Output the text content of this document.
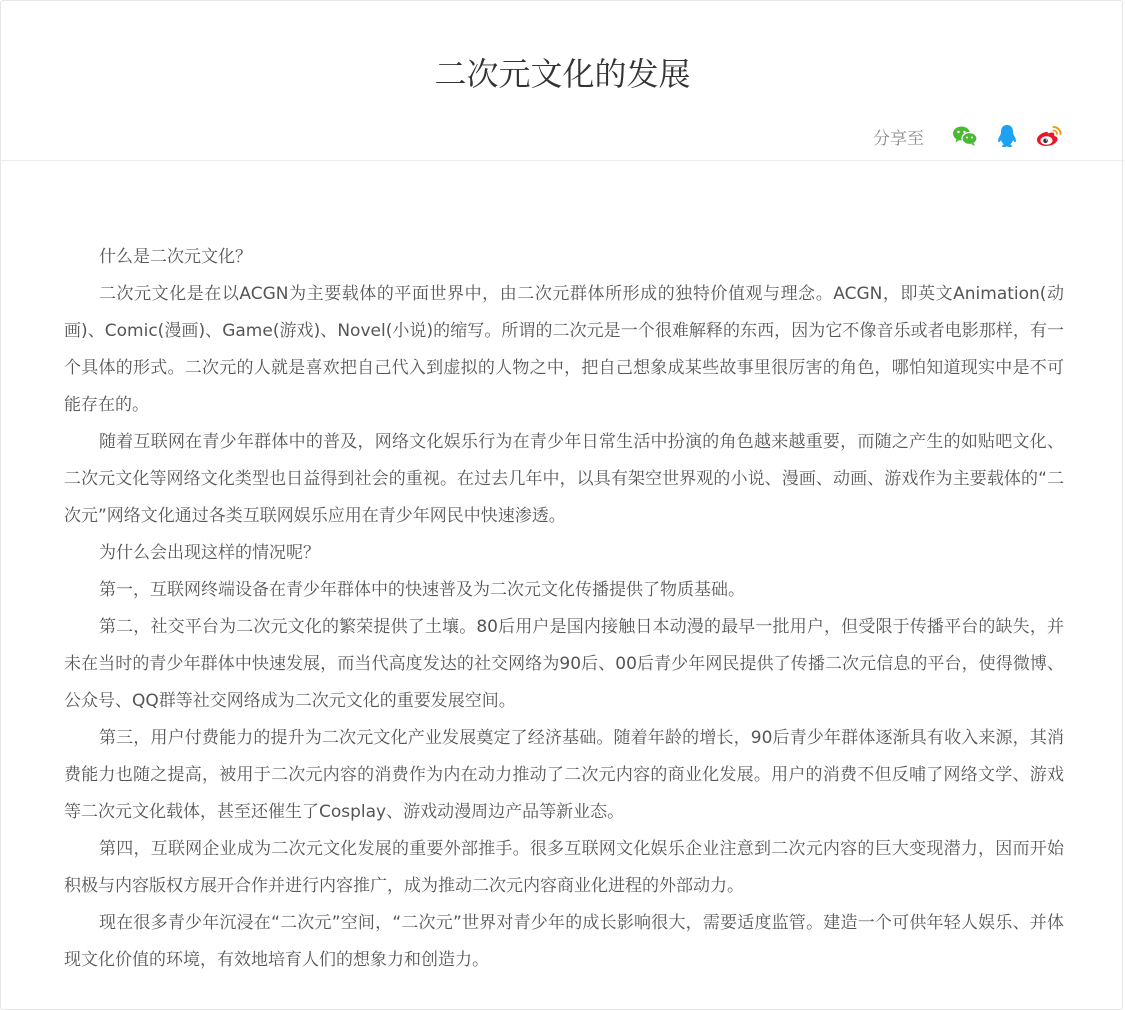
二次元文化的发展
分享至

什么是二次元文化？

二次元文化是在以ACGN为主要载体的平面世界中，由二次元群体所形成的独特价值观与理念。ACGN，即英文Animation(动画)、Comic(漫画)、Game(游戏)、Novel(小说)的缩写。所谓的二次元是一个很难解释的东西，因为它不像音乐或者电影那样，有一个具体的形式。二次元的人就是喜欢把自己代入到虚拟的人物之中，把自己想象成某些故事里很厉害的角色，哪怕知道现实中是不可能存在的。

随着互联网在青少年群体中的普及，网络文化娱乐行为在青少年日常生活中扮演的角色越来越重要，而随之产生的如贴吧文化、二次元文化等网络文化类型也日益得到社会的重视。在过去几年中，以具有架空世界观的小说、漫画、动画、游戏作为主要载体的“二次元”网络文化通过各类互联网娱乐应用在青少年网民中快速渗透。

为什么会出现这样的情况呢？

第一，互联网终端设备在青少年群体中的快速普及为二次元文化传播提供了物质基础。

第二，社交平台为二次元文化的繁荣提供了土壤。80后用户是国内接触日本动漫的最早一批用户，但受限于传播平台的缺失，并未在当时的青少年群体中快速发展，而当代高度发达的社交网络为90后、00后青少年网民提供了传播二次元信息的平台，使得微博、公众号、QQ群等社交网络成为二次元文化的重要发展空间。

第三，用户付费能力的提升为二次元文化产业发展奠定了经济基础。随着年龄的增长，90后青少年群体逐渐具有收入来源，其消费能力也随之提高，被用于二次元内容的消费作为内在动力推动了二次元内容的商业化发展。用户的消费不但反哺了网络文学、游戏等二次元文化载体，甚至还催生了Cosplay、游戏动漫周边产品等新业态。

第四，互联网企业成为二次元文化发展的重要外部推手。很多互联网文化娱乐企业注意到二次元内容的巨大变现潜力，因而开始积极与内容版权方展开合作并进行内容推广，成为推动二次元内容商业化进程的外部动力。

现在很多青少年沉浸在“二次元”空间，“二次元”世界对青少年的成长影响很大，需要适度监管。建造一个可供年轻人娱乐、并体现文化价值的环境，有效地培育人们的想象力和创造力。
